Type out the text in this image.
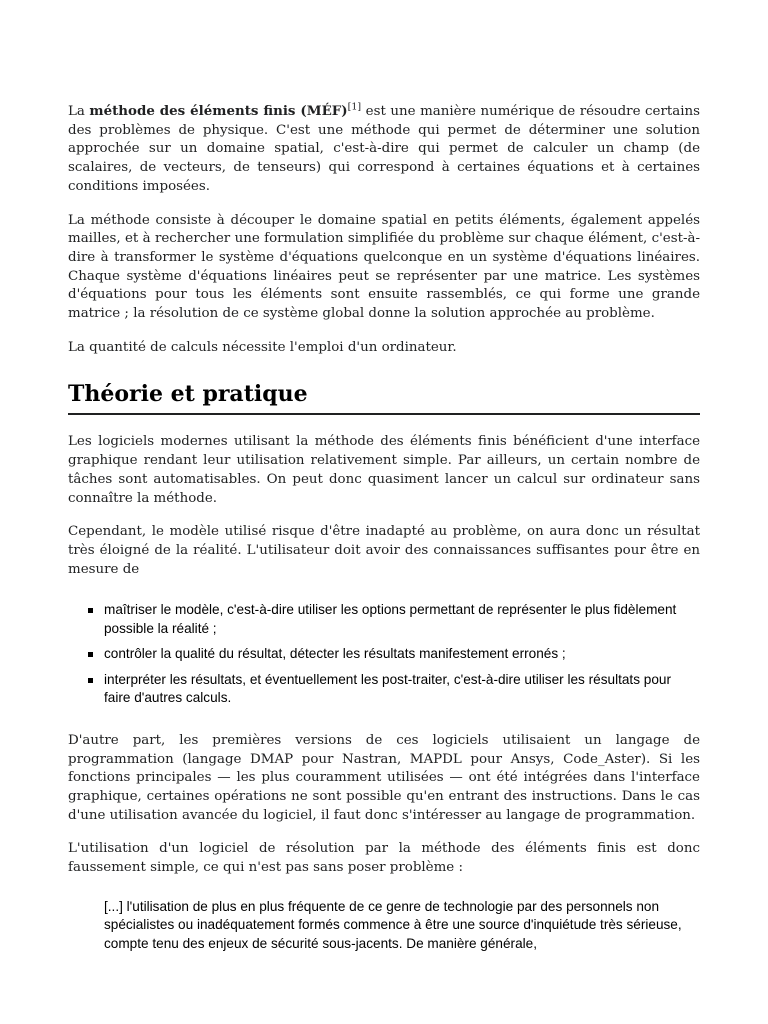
La méthode des éléments finis (MÉF)[1] est une manière numérique de résoudre certains des problèmes de physique. C'est une méthode qui permet de déterminer une solution approchée sur un domaine spatial, c'est-à-dire qui permet de calculer un champ (de scalaires, de vecteurs, de tenseurs) qui correspond à certaines équations et à certaines conditions imposées.

La méthode consiste à découper le domaine spatial en petits éléments, également appelés mailles, et à rechercher une formulation simplifiée du problème sur chaque élément, c'est-à-dire à transformer le système d'équations quelconque en un système d'équations linéaires. Chaque système d'équations linéaires peut se représenter par une matrice. Les systèmes d'équations pour tous les éléments sont ensuite rassemblés, ce qui forme une grande matrice ; la résolution de ce système global donne la solution approchée au problème.

La quantité de calculs nécessite l'emploi d'un ordinateur.

Théorie et pratique

Les logiciels modernes utilisant la méthode des éléments finis bénéficient d'une interface graphique rendant leur utilisation relativement simple. Par ailleurs, un certain nombre de tâches sont automatisables. On peut donc quasiment lancer un calcul sur ordinateur sans connaître la méthode.

Cependant, le modèle utilisé risque d'être inadapté au problème, on aura donc un résultat très éloigné de la réalité. L'utilisateur doit avoir des connaissances suffisantes pour être en mesure de

maîtriser le modèle, c'est-à-dire utiliser les options permettant de représenter le plus fidèlement possible la réalité ;
contrôler la qualité du résultat, détecter les résultats manifestement erronés ;
interpréter les résultats, et éventuellement les post-traiter, c'est-à-dire utiliser les résultats pour faire d'autres calculs.

D'autre part, les premières versions de ces logiciels utilisaient un langage de programmation (langage DMAP pour Nastran, MAPDL pour Ansys, Code_Aster). Si les fonctions principales — les plus couramment utilisées — ont été intégrées dans l'interface graphique, certaines opérations ne sont possible qu'en entrant des instructions. Dans le cas d'une utilisation avancée du logiciel, il faut donc s'intéresser au langage de programmation.

L'utilisation d'un logiciel de résolution par la méthode des éléments finis est donc faussement simple, ce qui n'est pas sans poser problème :

[...] l'utilisation de plus en plus fréquente de ce genre de technologie par des personnels non spécialistes ou inadéquatement formés commence à être une source d'inquiétude très sérieuse, compte tenu des enjeux de sécurité sous-jacents. De manière générale,
